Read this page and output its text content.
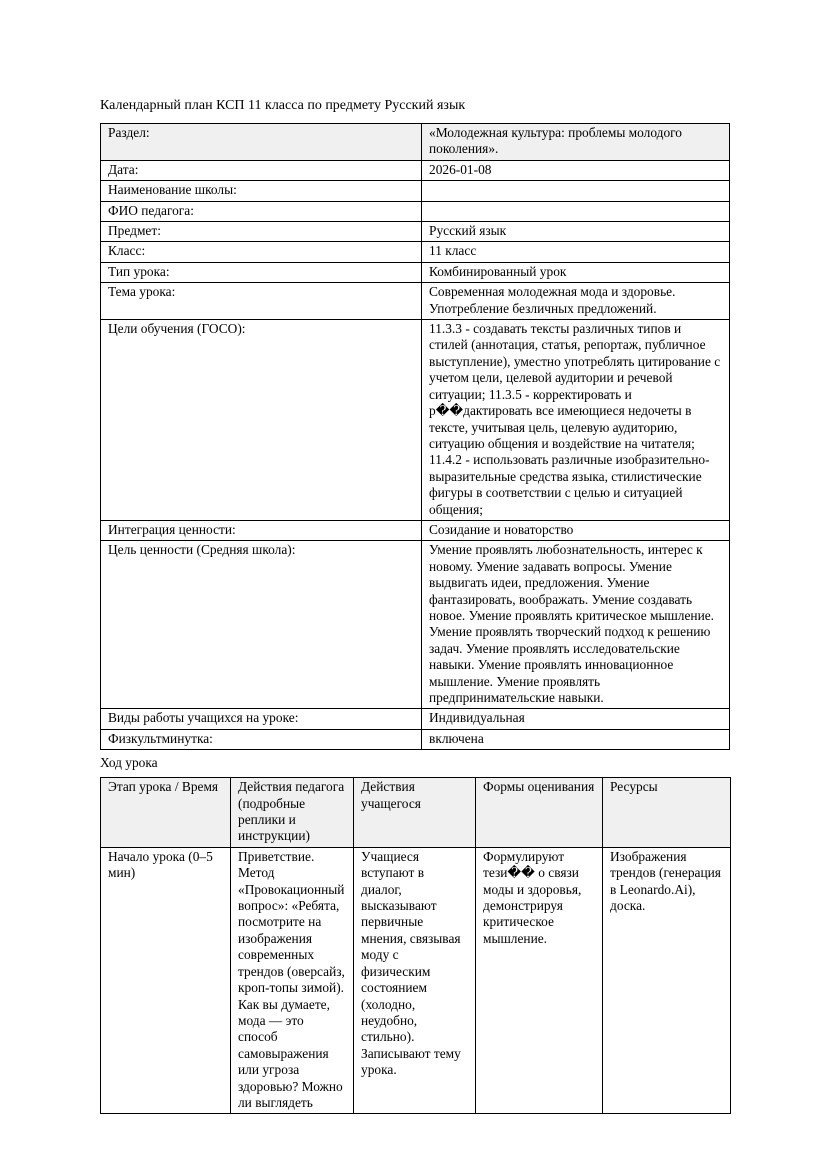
Календарный план КСП 11 класса по предмету Русский язык

Раздел:	«Молодежная культура: проблемы молодого поколения».
Дата:	2026-01-08
Наименование школы:	
ФИО педагога:	
Предмет:	Русский язык
Класс:	11 класс
Тип урока:	Комбинированный урок
Тема урока:	Современная молодежная мода и здоровье. Употребление безличных предложений.
Цели обучения (ГОСО):	11.3.3 - создавать тексты различных типов и стилей (аннотация, статья, репортаж, публичное выступление), уместно употреблять цитирование с учетом цели, целевой аудитории и речевой ситуации; 11.3.5 - корректировать и р��дактировать все имеющиеся недочеты в тексте, учитывая цель, целевую аудиторию, ситуацию общения и воздействие на читателя; 11.4.2 - использовать различные изобразительно-выразительные средства языка, стилистические фигуры в соответствии с целью и ситуацией общения;
Интеграция ценности:	Созидание и новаторство
Цель ценности (Средняя школа):	Умение проявлять любознательность, интерес к новому. Умение задавать вопросы. Умение выдвигать идеи, предложения. Умение фантазировать, воображать. Умение создавать новое. Умение проявлять критическое мышление. Умение проявлять творческий подход к решению задач. Умение проявлять исследовательские навыки. Умение проявлять инновационное мышление. Умение проявлять предпринимательские навыки.
Виды работы учащихся на уроке:	Индивидуальная
Физкультминутка:	включена

Ход урока

Этап урока / Время	Действия педагога (подробные реплики и инструкции)	Действия учащегося	Формы оценивания	Ресурсы
Начало урока (0–5 мин)	Приветствие. Метод «Провокационный вопрос»: «Ребята, посмотрите на изображения современных трендов (оверсайз, кроп-топы зимой). Как вы думаете, мода — это способ самовыражения или угроза здоровью? Можно ли выглядеть	Учащиеся вступают в диалог, высказывают первичные мнения, связывая моду с физическим состоянием (холодно, неудобно, стильно). Записывают тему урока.	Формулируют тези�� о связи моды и здоровья, демонстрируя критическое мышление.	Изображения трендов (генерация в Leonardo.Ai), доска.
